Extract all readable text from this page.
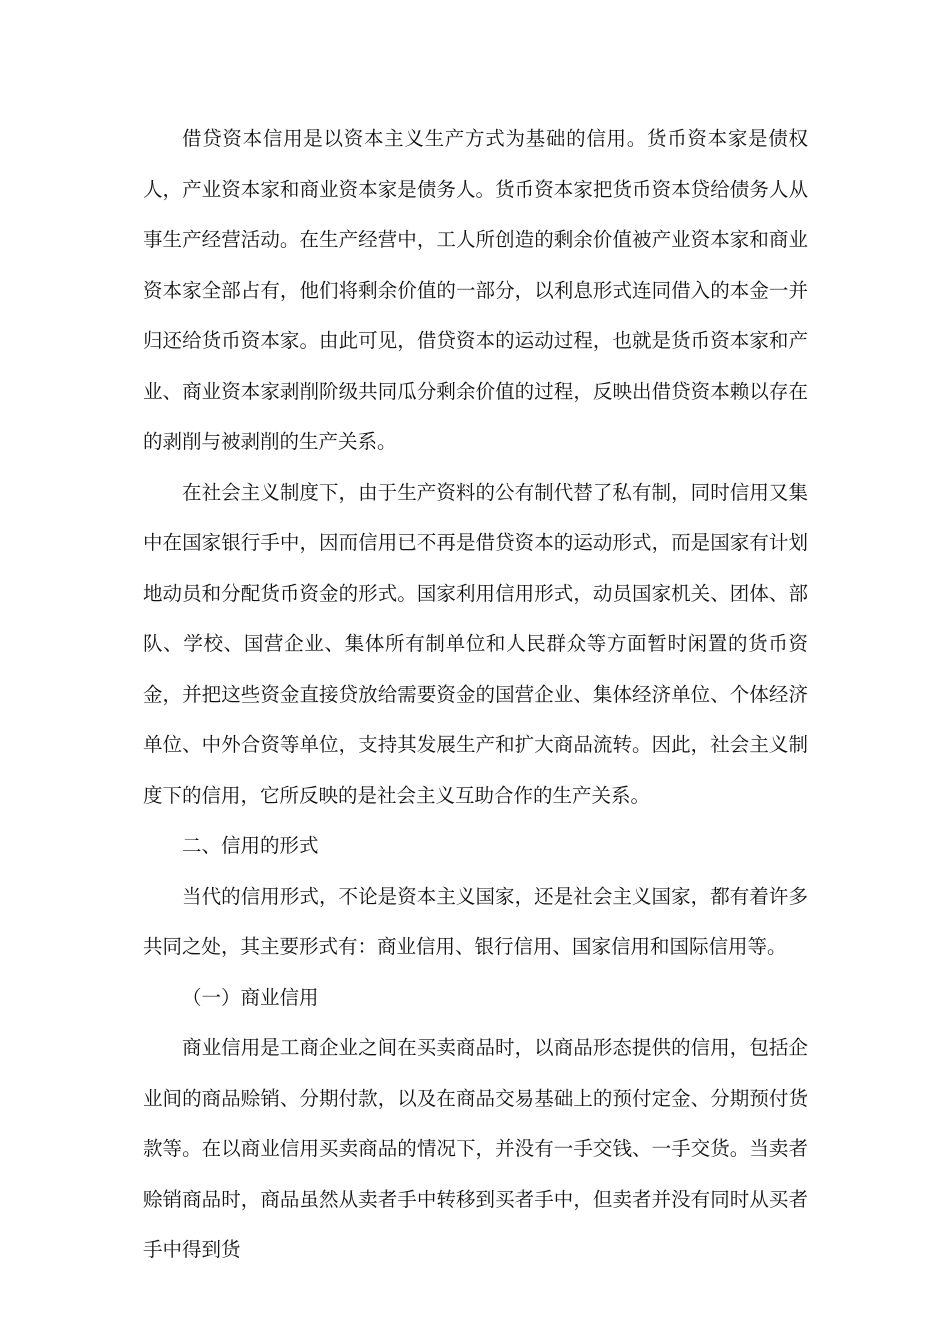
借贷资本信用是以资本主义生产方式为基础的信用。货币资本家是债权人，产业资本家和商业资本家是债务人。货币资本家把货币资本贷给债务人从事生产经营活动。在生产经营中，工人所创造的剩余价值被产业资本家和商业资本家全部占有，他们将剩余价值的一部分，以利息形式连同借入的本金一并归还给货币资本家。由此可见，借贷资本的运动过程，也就是货币资本家和产业、商业资本家剥削阶级共同瓜分剩余价值的过程，反映出借贷资本赖以存在的剥削与被剥削的生产关系。

在社会主义制度下，由于生产资料的公有制代替了私有制，同时信用又集中在国家银行手中，因而信用已不再是借贷资本的运动形式，而是国家有计划地动员和分配货币资金的形式。国家利用信用形式，动员国家机关、团体、部队、学校、国营企业、集体所有制单位和人民群众等方面暂时闲置的货币资金，并把这些资金直接贷放给需要资金的国营企业、集体经济单位、个体经济单位、中外合资等单位，支持其发展生产和扩大商品流转。因此，社会主义制度下的信用，它所反映的是社会主义互助合作的生产关系。

二、信用的形式

当代的信用形式，不论是资本主义国家，还是社会主义国家，都有着许多共同之处，其主要形式有：商业信用、银行信用、国家信用和国际信用等。

（一）商业信用

商业信用是工商企业之间在买卖商品时，以商品形态提供的信用，包括企业间的商品赊销、分期付款，以及在商品交易基础上的预付定金、分期预付货款等。在以商业信用买卖商品的情况下，并没有一手交钱、一手交货。当卖者赊销商品时，商品虽然从卖者手中转移到买者手中，但卖者并没有同时从买者手中得到货
